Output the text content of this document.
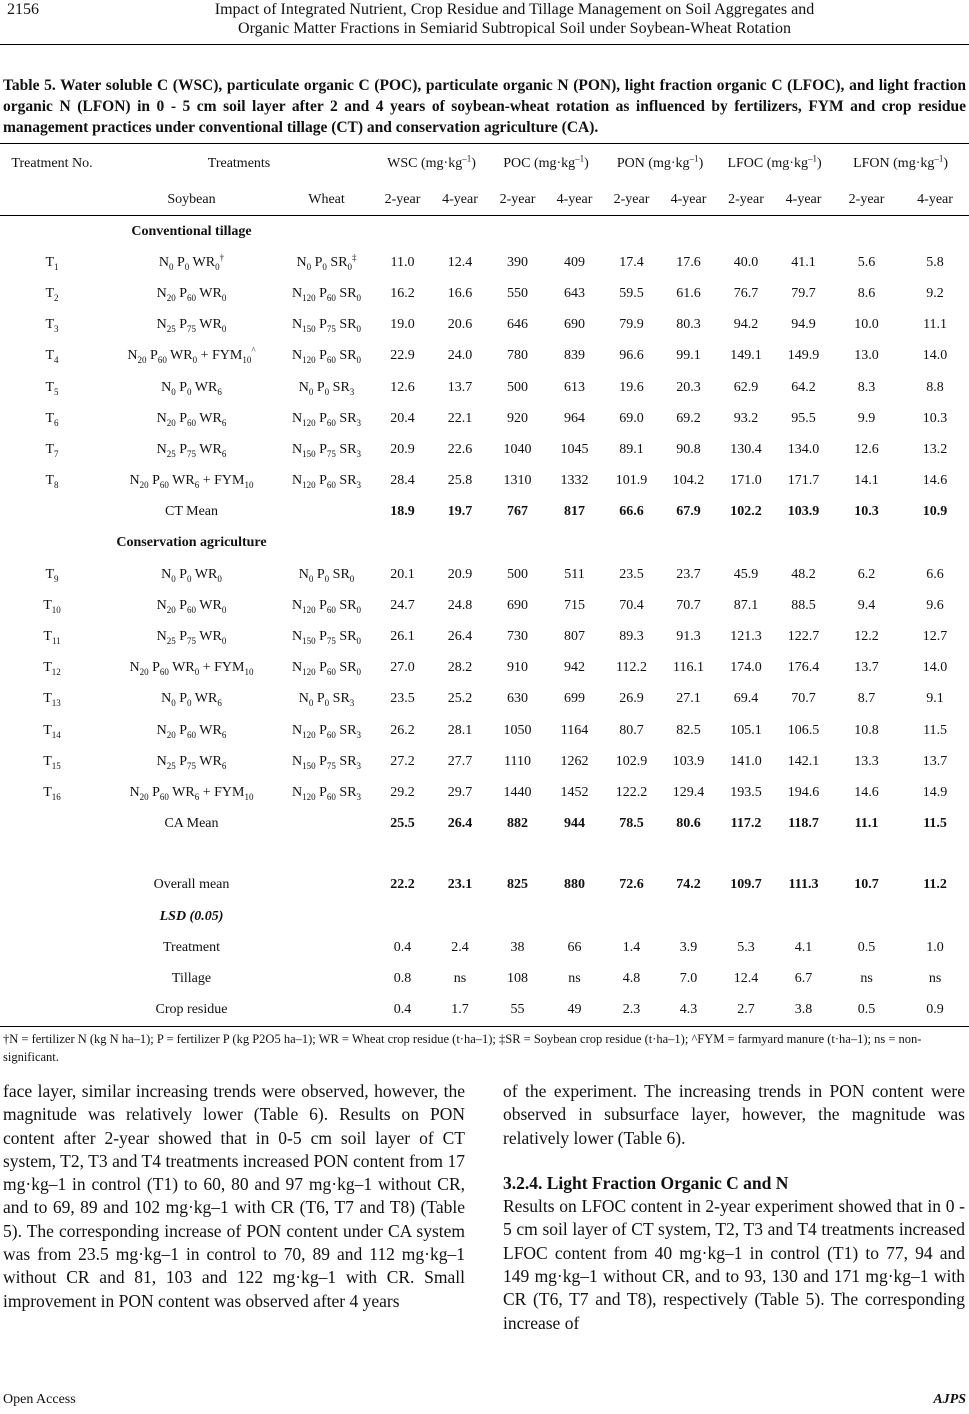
2156	Impact of Integrated Nutrient, Crop Residue and Tillage Management on Soil Aggregates and
Organic Matter Fractions in Semiarid Subtropical Soil under Soybean-Wheat Rotation
Table 5. Water soluble C (WSC), particulate organic C (POC), particulate organic N (PON), light fraction organic C (LFOC), and light fraction organic N (LFON) in 0 - 5 cm soil layer after 2 and 4 years of soybean-wheat rotation as influenced by fertilizers, FYM and crop residue management practices under conventional tillage (CT) and conservation agriculture (CA).
Treatment No.	Treatments		WSC $(mg\cdot kg^{-1})$		POC $(mg\cdot kg^{-1})$		PON $(mg\cdot kg^{-1})$		LFOC $(mg\cdot kg^{-1})$		LFON $(mg\cdot kg^{-1})$	
	Soybean	Wheat	2-year	4-year	2-year	4-year	2-year	4-year	2-year	4-year	2-year	4-year
	Conventional tillage											
$T_1$	$N_0$ $P_0$ $WR_0^\dagger$	$N_0$ $P_0$ $SR_0^\ddagger$	11.0	12.4	390	409	17.4	17.6	40.0	41.1	5.6	5.8
$T_2$	$N_{20}$ $P_{60}$ $WR_0$	$N_{120}$ $P_{60}$ $SR_0$	16.2	16.6	550	643	59.5	61.6	76.7	79.7	8.6	9.2
$T_3$	$N_{25}$ $P_{75}$ $WR_0$	$N_{150}$ $P_{75}$ $SR_0$	19.0	20.6	646	690	79.9	80.3	94.2	94.9	10.0	11.1
$T_4$	$N_{20}$ $P_{60}$ $WR_0 + FYM_{10}^{\^{}}$	$N_{120}$ $P_{60}$ $SR_0$	22.9	24.0	780	839	96.6	99.1	149.1	149.9	13.0	14.0
$T_5$	$N_0$ $P_0$ $WR_6$	$N_0$ $P_0$ $SR_3$	12.6	13.7	500	613	19.6	20.3	62.9	64.2	8.3	8.8
$T_6$	$N_{20}$ $P_{60}$ $WR_6$	$N_{120}$ $P_{60}$ $SR_3$	20.4	22.1	920	964	69.0	69.2	93.2	95.5	9.9	10.3
$T_7$	$N_{25}$ $P_{75}$ $WR_6$	$N_{150}$ $P_{75}$ $SR_3$	20.9	22.6	1040	1045	89.1	90.8	130.4	134.0	12.6	13.2
$T_8$	$N_{20}$ $P_{60}$ $WR_6 + FYM_{10}$	$N_{120}$ $P_{60}$ $SR_3$	28.4	25.8	1310	1332	101.9	104.2	171.0	171.7	14.1	14.6
	CT Mean		18.9	19.7	767	817	66.6	67.9	102.2	103.9	10.3	10.9
	Conservation agriculture											
$T_9$	$N_0$ $P_0$ $WR_0$	$N_0$ $P_0$ $SR_0$	20.1	20.9	500	511	23.5	23.7	45.9	48.2	6.2	6.6
$T_{10}$	$N_{20}$ $P_{60}$ $WR_0$	$N_{120}$ $P_{60}$ $SR_0$	24.7	24.8	690	715	70.4	70.7	87.1	88.5	9.4	9.6
$T_{11}$	$N_{25}$ $P_{75}$ $WR_0$	$N_{150}$ $P_{75}$ $SR_0$	26.1	26.4	730	807	89.3	91.3	121.3	122.7	12.2	12.7
$T_{12}$	$N_{20}$ $P_{60}$ $WR_0 + FYM_{10}$	$N_{120}$ $P_{60}$ $SR_0$	27.0	28.2	910	942	112.2	116.1	174.0	176.4	13.7	14.0
$T_{13}$	$N_0$ $P_0$ $WR_6$	$N_0$ $P_0$ $SR_3$	23.5	25.2	630	699	26.9	27.1	69.4	70.7	8.7	9.1
$T_{14}$	$N_{20}$ $P_{60}$ $WR_6$	$N_{120}$ $P_{60}$ $SR_3$	26.2	28.1	1050	1164	80.7	82.5	105.1	106.5	10.8	11.5
$T_{15}$	$N_{25}$ $P_{75}$ $WR_6$	$N_{150}$ $P_{75}$ $SR_3$	27.2	27.7	1110	1262	102.9	103.9	141.0	142.1	13.3	13.7
$T_{16}$	$N_{20}$ $P_{60}$ $WR_6 + FYM_{10}$	$N_{120}$ $P_{60}$ $SR_3$	29.2	29.7	1440	1452	122.2	129.4	193.5	194.6	14.6	14.9
	CA Mean		25.5	26.4	882	944	78.5	80.6	117.2	118.7	11.1	11.5

	Overall mean		22.2	23.1	825	880	72.6	74.2	109.7	111.3	10.7	11.2
	LSD (0.05)											
	Treatment		0.4	2.4	38	66	1.4	3.9	5.3	4.1	0.5	1.0
	Tillage		0.8	ns	108	ns	4.8	7.0	12.4	6.7	ns	ns
	Crop residue		0.4	1.7	55	49	2.3	4.3	2.7	3.8	0.5	0.9
†N = fertilizer N (kg N ha–1); P = fertilizer P (kg P2O5 ha–1); WR = Wheat crop residue (t·ha–1); ‡SR = Soybean crop residue (t·ha–1); ^FYM = farmyard manure (t·ha–1); ns = non-significant.

face layer, similar increasing trends were observed, however, the magnitude was relatively lower (Table 6). Results on PON content after 2-year showed that in 0-5 cm soil layer of CT system, T2, T3 and T4 treatments increased PON content from 17 mg·kg–1 in control (T1) to 60, 80 and 97 mg·kg–1 without CR, and to 69, 89 and 102 mg·kg–1 with CR (T6, T7 and T8) (Table 5). The corresponding increase of PON content under CA system was from 23.5 mg·kg–1 in control to 70, 89 and 112 mg·kg–1 without CR and 81, 103 and 122 mg·kg–1 with CR. Small improvement in PON content was observed after 4 years

of the experiment. The increasing trends in PON content were observed in subsurface layer, however, the magnitude was relatively lower (Table 6).

3.2.4. Light Fraction Organic C and N

Results on LFOC content in 2-year experiment showed that in 0 - 5 cm soil layer of CT system, T2, T3 and T4 treatments increased LFOC content from 40 mg·kg–1 in control (T1) to 77, 94 and 149 mg·kg–1 without CR, and to 93, 130 and 171 mg·kg–1 with CR (T6, T7 and T8), respectively (Table 5). The corresponding increase of

Open Access	AJPS
